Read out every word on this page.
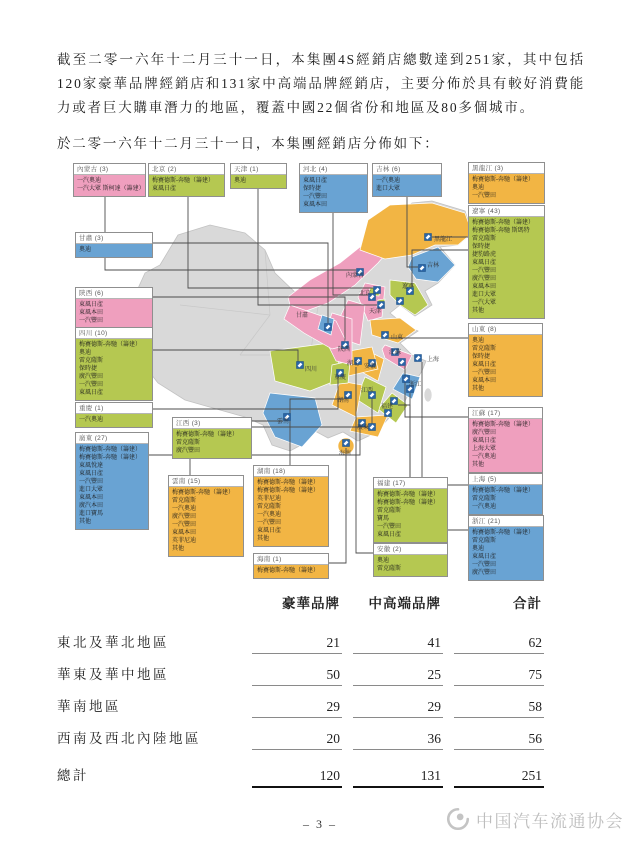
截至二零一六年十二月三十一日，本集團4S經銷店總數達到251家，其中包括120家豪華品牌經銷店和131家中高端品牌經銷店，主要分佈於具有較好消費能力或者巨大購車潛力的地區，覆蓋中國22個省份和地區及80多個城市。
於二零一六年十二月三十一日，本集團經銷店分佈如下：
黑龍江
吉林
遼寧
內蒙古
北京
天津
山東
江蘇
上海
浙江
安徽
福建
江西
湖北
湖南
廣東
海南
雲南
四川
重慶
陝西
甘肅
內蒙古 (3)
一汽奧迪
一汽大眾 斯柯達（籌建）
北京 (2)
梅賽德斯-奔馳（籌建）
東風日產
天津 (1)
奧迪
河北 (4)
東風日產
保時捷
一汽豐田
東風本田
吉林 (6)
一汽奧迪
進口大眾
黑龍江 (3)
梅賽德斯-奔馳（籌建）
奧迪
一汽豐田
遼寧 (43)
梅賽德斯-奔馳（籌建）
梅賽德斯-奔馳 斯瑪特
雷克薩斯
保時捷
捷豹路虎
東風日產
一汽豐田
廣汽豐田
東風本田
進口大眾
一汽大眾
其他
山東 (8)
奧迪
雷克薩斯
保時捷
東風日產
一汽豐田
東風本田
其他
江蘇 (17)
梅賽德斯-奔馳（籌建）
廣汽豐田
東風日產
上海大眾
一汽奧迪
其他
上海 (5)
梅賽德斯-奔馳（籌建）
雷克薩斯
一汽奧迪
浙江 (21)
梅賽德斯-奔馳（籌建）
雷克薩斯
奧迪
東風日產
一汽豐田
廣汽豐田
甘肅 (3)
奧迪
陝西 (6)
東風日產
東風本田
一汽豐田
四川 (10)
梅賽德斯-奔馳（籌建）
奧迪
雷克薩斯
保時捷
廣汽豐田
一汽豐田
東風日產
重慶 (1)
一汽奧迪
廣東 (27)
梅賽德斯-奔馳（籌建）
梅賽德斯-奔馳（籌建）
東風悅達
東風日產
一汽豐田
進口大眾
東風本田
廣汽本田
進口寶馬
其他
江西 (3)
梅賽德斯-奔馳（籌建）
雷克薩斯
廣汽豐田
雲南 (15)
梅賽德斯-奔馳（籌建）
雷克薩斯
一汽奧迪
廣汽豐田
一汽豐田
東風本田
英菲尼迪
其他
湖南 (18)
梅賽德斯-奔馳（籌建）
梅賽德斯-奔馳（籌建）
英菲尼迪
雷克薩斯
一汽奧迪
一汽豐田
東風日產
其他
海南 (1)
梅賽德斯-奔馳（籌建）
福建 (17)
梅賽德斯-奔馳（籌建）
梅賽德斯-奔馳（籌建）
雷克薩斯
寶馬
一汽豐田
東風日產
安徽 (2)
奧迪
雷克薩斯
豪華品牌	中高端品牌	合計
東北及華北地區	21	41	62
華東及華中地區	50	25	75
華南地區	29	29	58
西南及西北內陸地區	20	36	56
總計	120	131	251
– 3 –	中国汽车流通协会
